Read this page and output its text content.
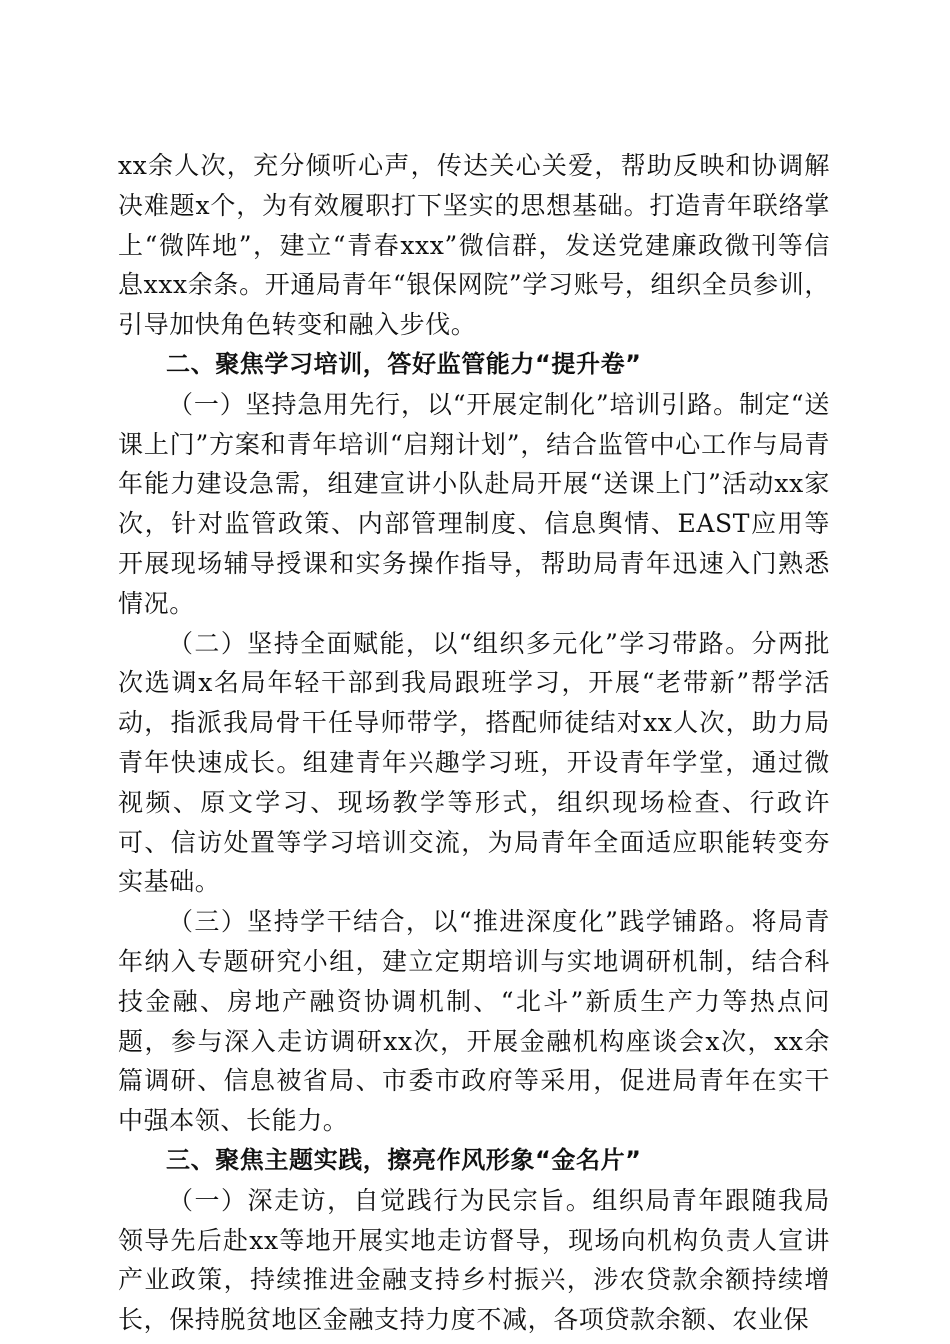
xx余人次，充分倾听心声，传达关心关爱，帮助反映和协调解决难题x个，为有效履职打下坚实的思想基础。打造青年联络掌上“微阵地”，建立“青春xxx”微信群，发送党建廉政微刊等信息xxx余条。开通局青年“银保网院”学习账号，组织全员参训，引导加快角色转变和融入步伐。

二、聚焦学习培训，答好监管能力“提升卷”

（一）坚持急用先行，以“开展定制化”培训引路。制定“送课上门”方案和青年培训“启翔计划”，结合监管中心工作与局青年能力建设急需，组建宣讲小队赴局开展“送课上门”活动xx家次，针对监管政策、内部管理制度、信息舆情、EAST应用等开展现场辅导授课和实务操作指导，帮助局青年迅速入门熟悉情况。

（二）坚持全面赋能，以“组织多元化”学习带路。分两批次选调x名局年轻干部到我局跟班学习，开展“老带新”帮学活动，指派我局骨干任导师带学，搭配师徒结对xx人次，助力局青年快速成长。组建青年兴趣学习班，开设青年学堂，通过微视频、原文学习、现场教学等形式，组织现场检查、行政许可、信访处置等学习培训交流，为局青年全面适应职能转变夯实基础。

（三）坚持学干结合，以“推进深度化”践学铺路。将局青年纳入专题研究小组，建立定期培训与实地调研机制，结合科技金融、房地产融资协调机制、“北斗”新质生产力等热点问题，参与深入走访调研xx次，开展金融机构座谈会x次，xx余篇调研、信息被省局、市委市政府等采用，促进局青年在实干中强本领、长能力。

三、聚焦主题实践，擦亮作风形象“金名片”

（一）深走访，自觉践行为民宗旨。组织局青年跟随我局领导先后赴xx等地开展实地走访督导，现场向机构负责人宣讲产业政策，持续推进金融支持乡村振兴，涉农贷款余额持续增长，保持脱贫地区金融支持力度不减，各项贷款余额、农业保
